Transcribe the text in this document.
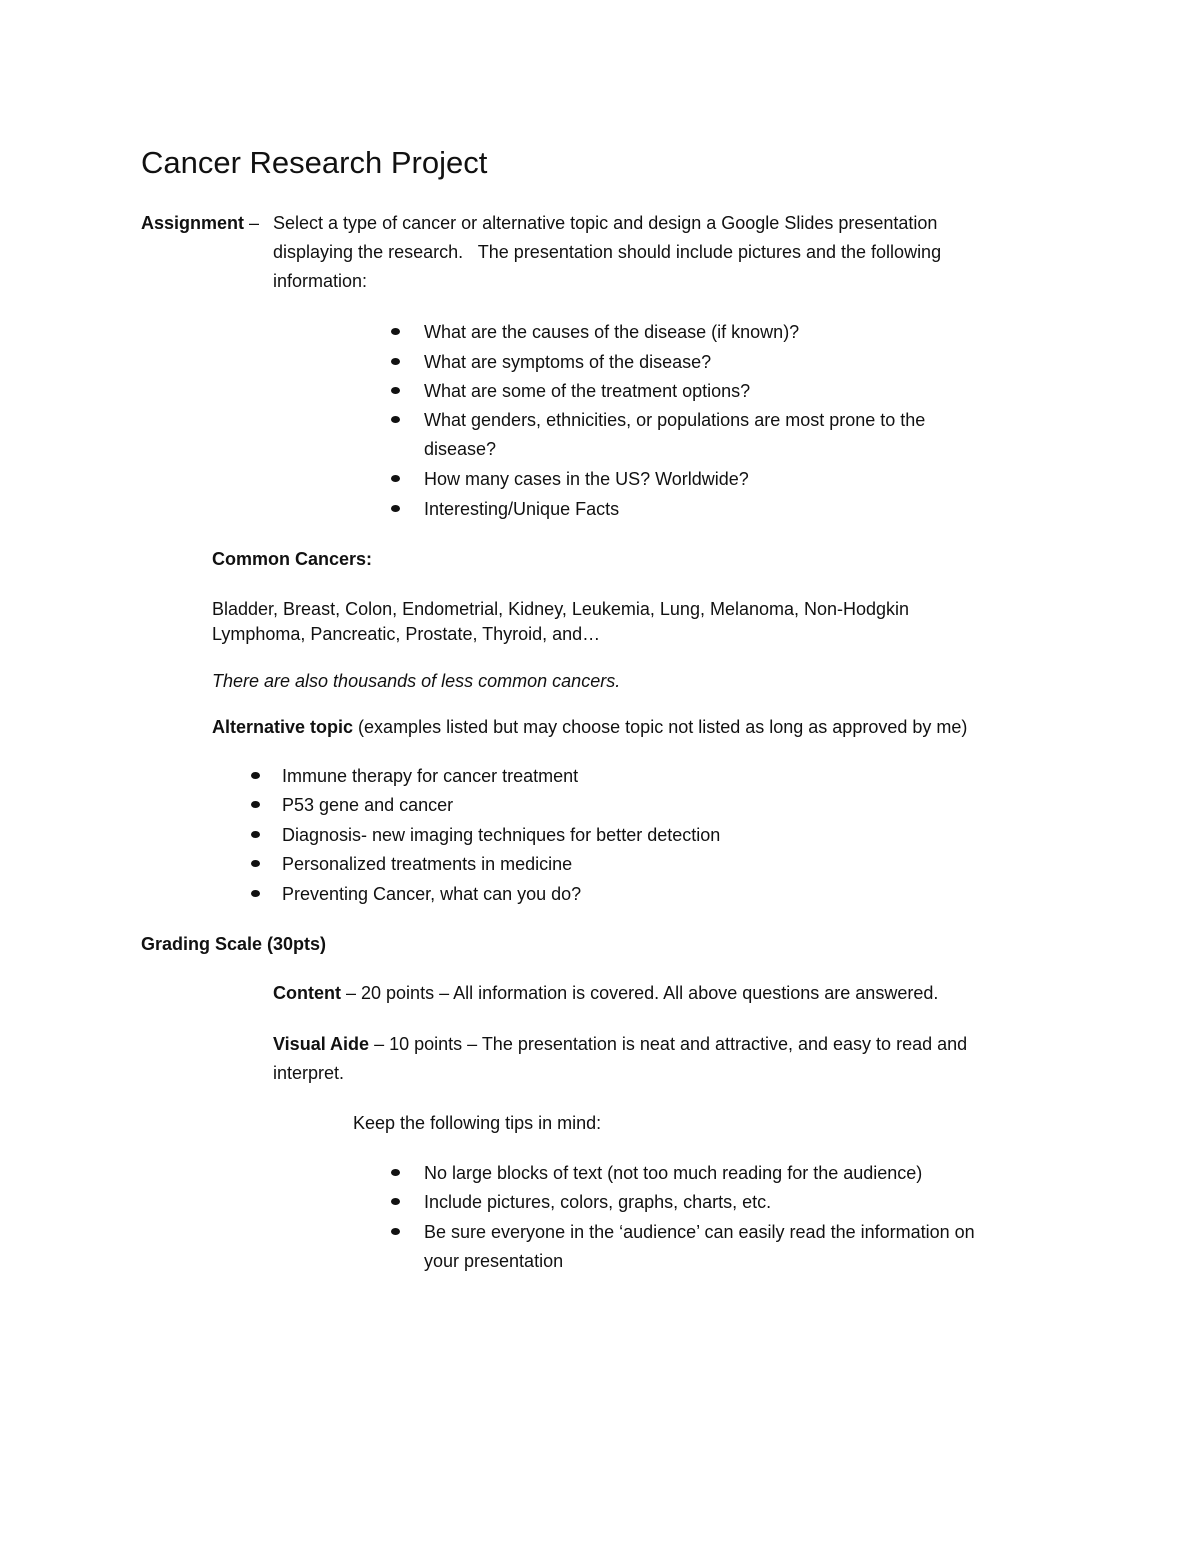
Cancer Research Project
Assignment – Select a type of cancer or alternative topic and design a Google Slides presentation
displaying the research.   The presentation should include pictures and the following
information:
What are the causes of the disease (if known)?
What are symptoms of the disease?
What are some of the treatment options?
What genders, ethnicities, or populations are most prone to the
disease?
How many cases in the US? Worldwide?
Interesting/Unique Facts
Common Cancers:
Bladder, Breast, Colon, Endometrial, Kidney, Leukemia, Lung, Melanoma, Non-Hodgkin
Lymphoma, Pancreatic, Prostate, Thyroid, and…
There are also thousands of less common cancers.
Alternative topic (examples listed but may choose topic not listed as long as approved by me)
Immune therapy for cancer treatment
P53 gene and cancer
Diagnosis- new imaging techniques for better detection
Personalized treatments in medicine
Preventing Cancer, what can you do?
Grading Scale (30pts)
Content – 20 points – All information is covered. All above questions are answered.
Visual Aide – 10 points – The presentation is neat and attractive, and easy to read and
interpret.
Keep the following tips in mind:
No large blocks of text (not too much reading for the audience)
Include pictures, colors, graphs, charts, etc.
Be sure everyone in the ‘audience’ can easily read the information on
your presentation
